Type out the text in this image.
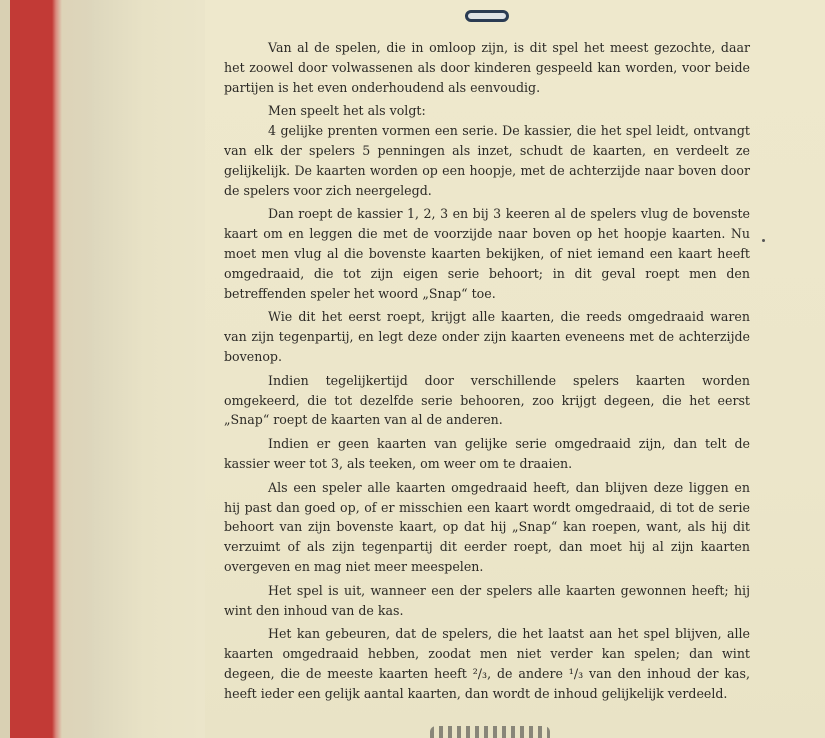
Van al de spelen, die in omloop zijn, is dit spel het meest gezochte, daar het zoowel door volwassenen als door kinderen gespeeld kan worden, voor beide partijen is het even onderhoudend als eenvoudig.

Men speelt het als volgt:

4 gelijke prenten vormen een serie. De kassier, die het spel leidt, ontvangt van elk der spelers 5 penningen als inzet, schudt de kaarten, en verdeelt ze gelijkelijk. De kaarten worden op een hoopje, met de achterzijde naar boven door de spelers voor zich neergelegd.

Dan roept de kassier 1, 2, 3 en bij 3 keeren al de spelers vlug de bovenste kaart om en leggen die met de voorzijde naar boven op het hoopje kaarten. Nu moet men vlug al die bovenste kaarten bekijken, of niet iemand een kaart heeft omgedraaid, die tot zijn eigen serie behoort; in dit geval roept men den betreffenden speler het woord „Snap“ toe.

Wie dit het eerst roept, krijgt alle kaarten, die reeds omgedraaid waren van zijn tegenpartij, en legt deze onder zijn kaarten eveneens met de achterzijde bovenop.

Indien tegelijkertijd door verschillende spelers kaarten worden omgekeerd, die tot dezelfde serie behooren, zoo krijgt degeen, die het eerst „Snap“ roept de kaarten van al de anderen.

Indien er geen kaarten van gelijke serie omgedraaid zijn, dan telt de kassier weer tot 3, als teeken, om weer om te draaien.

Als een speler alle kaarten omgedraaid heeft, dan blijven deze liggen en hij past dan goed op, of er misschien een kaart wordt omgedraaid, di tot de serie behoort van zijn bovenste kaart, op dat hij „Snap“ kan roepen, want, als hij dit verzuimt of als zijn tegenpartij dit eerder roept, dan moet hij al zijn kaarten overgeven en mag niet meer meespelen.

Het spel is uit, wanneer een der spelers alle kaarten gewonnen heeft; hij wint den inhoud van de kas.

Het kan gebeuren, dat de spelers, die het laatst aan het spel blijven, alle kaarten omgedraaid hebben, zoodat men niet verder kan spelen; dan wint degeen, die de meeste kaarten heeft ²/₃, de andere ¹/₃ van den inhoud der kas, heeft ieder een gelijk aantal kaarten, dan wordt de inhoud gelijkelijk verdeeld.
